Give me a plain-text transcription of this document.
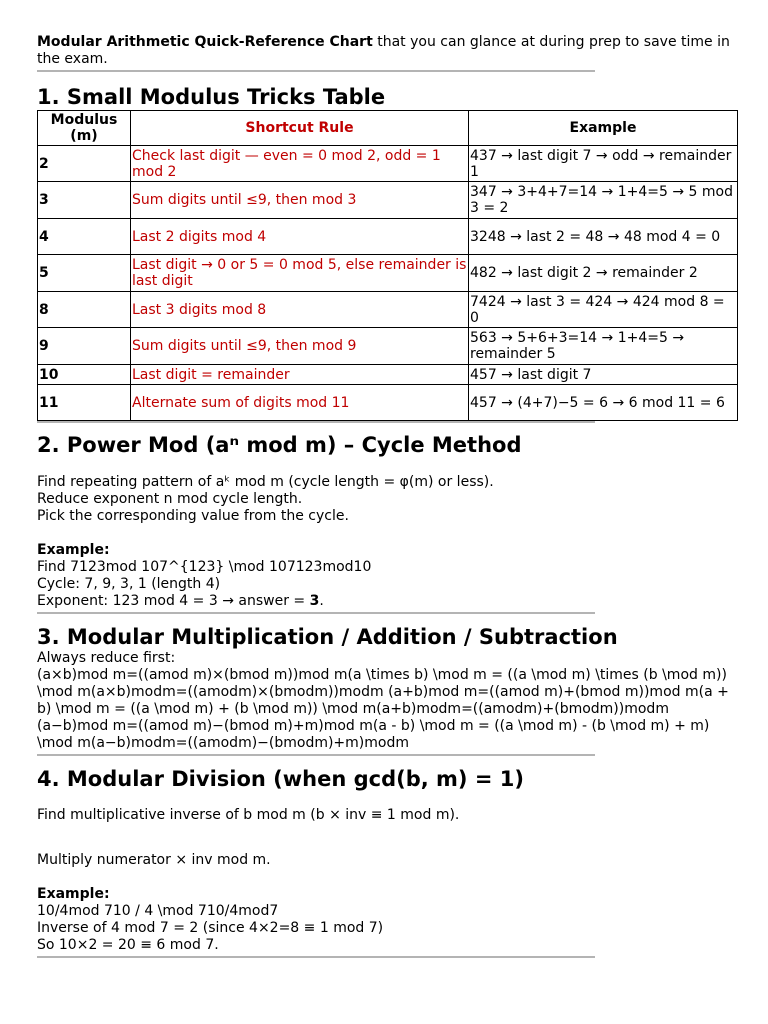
Modular Arithmetic Quick-Reference Chart that you can glance at during prep to save time in the exam.

1. Small Modulus Tricks Table
Modulus (m)	Shortcut Rule	Example
2	Check last digit — even = 0 mod 2, odd = 1 mod 2	437 → last digit 7 → odd → remainder 1
3	Sum digits until ≤9, then mod 3	347 → 3+4+7=14 → 1+4=5 → 5 mod 3 = 2
4	Last 2 digits mod 4	3248 → last 2 = 48 → 48 mod 4 = 0
5	Last digit → 0 or 5 = 0 mod 5, else remainder is last digit	482 → last digit 2 → remainder 2
8	Last 3 digits mod 8	7424 → last 3 = 424 → 424 mod 8 = 0
9	Sum digits until ≤9, then mod 9	563 → 5+6+3=14 → 1+4=5 → remainder 5
10	Last digit = remainder	457 → last digit 7
11	Alternate sum of digits mod 11	457 → (4+7)−5 = 6 → 6 mod 11 = 6
2. Power Mod (aⁿ mod m) – Cycle Method

Find repeating pattern of aᵏ mod m (cycle length = φ(m) or less).

Reduce exponent n mod cycle length.

Pick the corresponding value from the cycle.

Example:

Find 7123mod 107^{123} \mod 107123mod10

Cycle: 7, 9, 3, 1 (length 4)

Exponent: 123 mod 4 = 3 → answer = 3.

3. Modular Multiplication / Addition / Subtraction

Always reduce first:

(a×b)mod m=((amod m)×(bmod m))mod m(a \times b) \mod m = ((a \mod m) \times (b \mod m)) \mod m(a×b)modm=((amodm)×(bmodm))modm (a+b)mod m=((amod m)+(bmod m))mod m(a + b) \mod m = ((a \mod m) + (b \mod m)) \mod m(a+b)modm=((amodm)+(bmodm))modm (a−b)mod m=((amod m)−(bmod m)+m)mod m(a - b) \mod m = ((a \mod m) - (b \mod m) + m) \mod m(a−b)modm=((amodm)−(bmodm)+m)modm

4. Modular Division (when gcd(b, m) = 1)

Find multiplicative inverse of b mod m (b × inv ≡ 1 mod m).

Multiply numerator × inv mod m.

Example:

10/4mod 710 / 4 \mod 710/4mod7

Inverse of 4 mod 7 = 2 (since 4×2=8 ≡ 1 mod 7)

So 10×2 = 20 ≡ 6 mod 7.
